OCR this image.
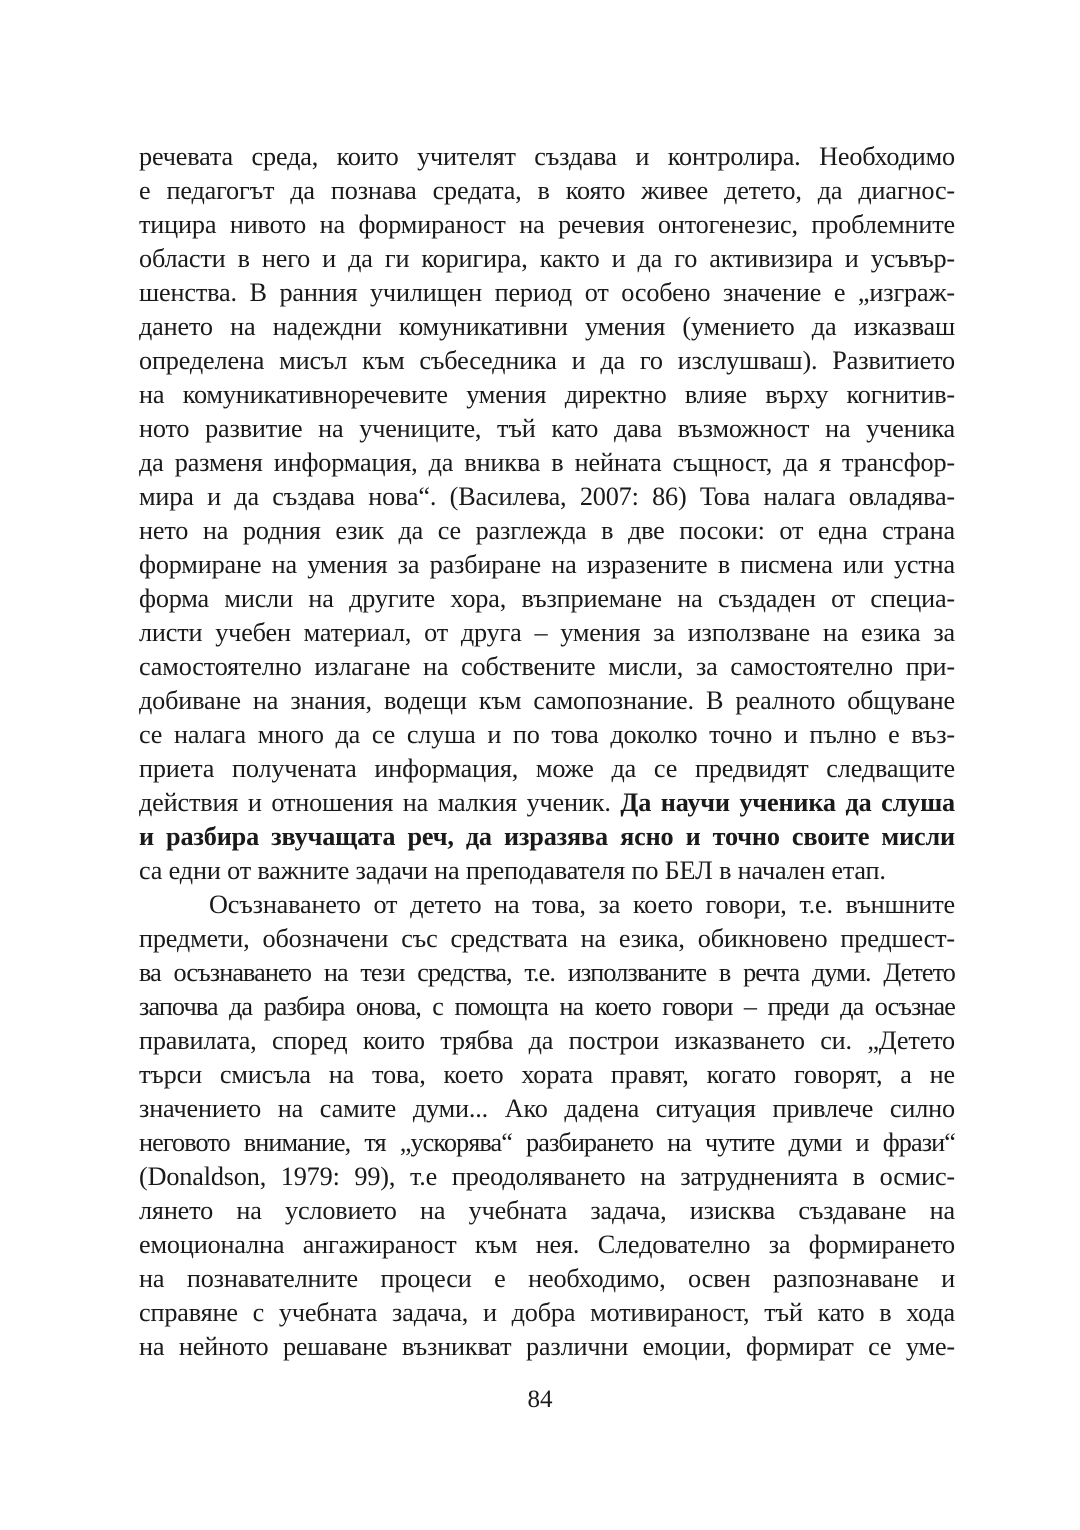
речевата среда, които учителят създава и контролира. Необходимо
е педагогът да познава средата, в която живее детето, да диагнос-
тицира нивото на формираност на речевия онтогенезис, проблемните
области в него и да ги коригира, както и да го активизира и усъвър-
шенства. В ранния училищен период от особено значение е „изграж-
дането на надеждни комуникативни умения (умението да изказваш
определена мисъл към събеседника и да го изслушваш). Развитието
на комуникативноречевите умения директно влияе върху когнитив-
ното развитие на учениците, тъй като дава възможност на ученика
да разменя информация, да вниква в нейната същност, да я трансфор-
мира и да създава нова“. (Василева, 2007: 86) Това налага овладява-
нето на родния език да се разглежда в две посоки: от една страна
формиране на умения за разбиране на изразените в писмена или устна
форма мисли на другите хора, възприемане на създаден от специа-
листи учебен материал, от друга – умения за използване на езика за
самостоятелно излагане на собствените мисли, за самостоятелно при-
добиване на знания, водещи към самопознание. В реалното общуване
се налага много да се слуша и по това доколко точно и пълно е въз-
приета получената информация, може да се предвидят следващите
действия и отношения на малкия ученик. Да научи ученика да слуша
и разбира звучащата реч, да изразява ясно и точно своите мисли
са едни от важните задачи на преподавателя по БЕЛ в начален етап.
Осъзнаването от детето на това, за което говори, т.е. външните
предмети, обозначени със средствата на езика, обикновено предшест-
ва осъзнаването на тези средства, т.е. използваните в речта думи. Детето
започва да разбира онова, с помощта на което говори – преди да осъзнае
правилата, според които трябва да построи изказването си. „Детето
търси смисъла на това, което хората правят, когато говорят, а не
значението на самите думи... Ако дадена ситуация привлече силно
неговото внимание, тя „ускорява“ разбирането на чутите думи и фрази“
(Donaldson, 1979: 99), т.е преодоляването на затрудненията в осмис-
лянето на условието на учебната задача, изисква създаване на
емоционална ангажираност към нея. Следователно за формирането
на познавателните процеси е необходимо, освен разпознаване и
справяне с учебната задача, и добра мотивираност, тъй като в хода
на нейното решаване възникват различни емоции, формират се уме-
84
